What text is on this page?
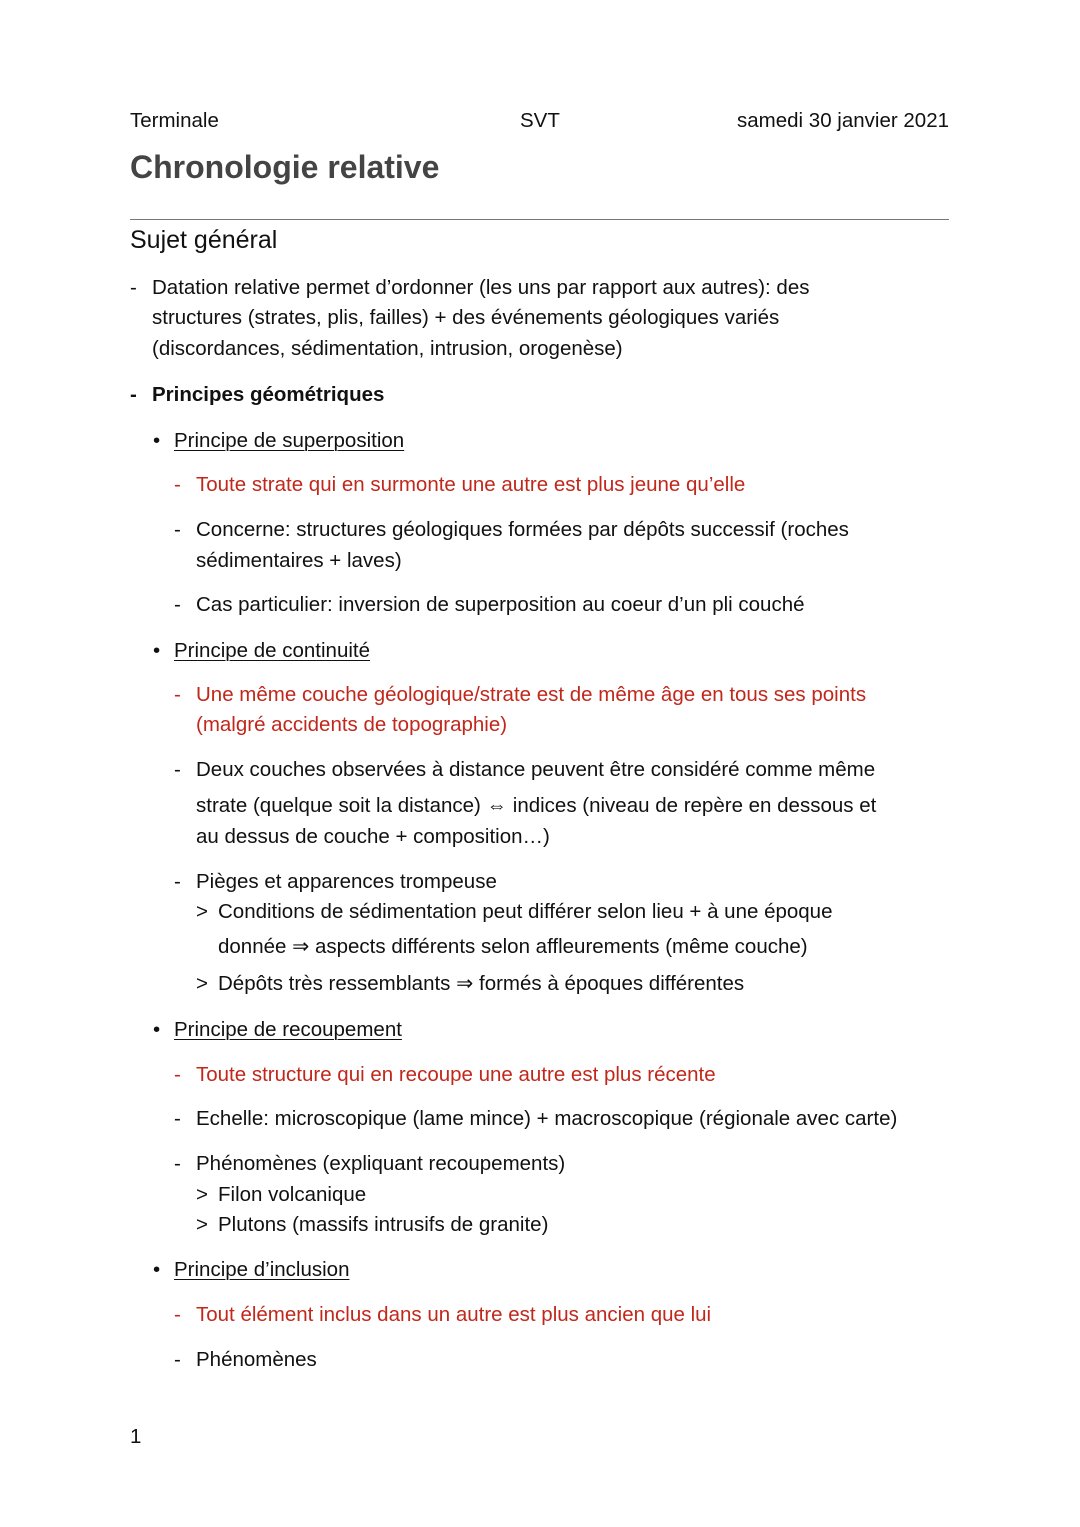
Terminale	SVT	samedi 30 janvier 2021
Chronologie relative
Sujet général
- Datation relative permet d’ordonner (les uns par rapport aux autres): des
structures (strates, plis, failles) + des événements géologiques variés
(discordances, sédimentation, intrusion, orogenèse)
- Principes géométriques
• Principe de superposition
- Toute strate qui en surmonte une autre est plus jeune qu’elle
- Concerne: structures géologiques formées par dépôts successif (roches
sédimentaires + laves)
- Cas particulier: inversion de superposition au coeur d’un pli couché
• Principe de continuité
- Une même couche géologique/strate est de même âge en tous ses points
(malgré accidents de topographie)
- Deux couches observées à distance peuvent être considéré comme même
strate (quelque soit la distance) ⇔ indices (niveau de repère en dessous et
au dessus de couche + composition…)
- Pièges et apparences trompeuse
> Conditions de sédimentation peut différer selon lieu + à une époque
donnée ⇒ aspects différents selon affleurements (même couche)
> Dépôts très ressemblants ⇒ formés à époques différentes
• Principe de recoupement
- Toute structure qui en recoupe une autre est plus récente
- Echelle: microscopique (lame mince) + macroscopique (régionale avec carte)
- Phénomènes (expliquant recoupements)
> Filon volcanique
> Plutons (massifs intrusifs de granite)
• Principe d’inclusion
- Tout élément inclus dans un autre est plus ancien que lui
- Phénomènes
1
